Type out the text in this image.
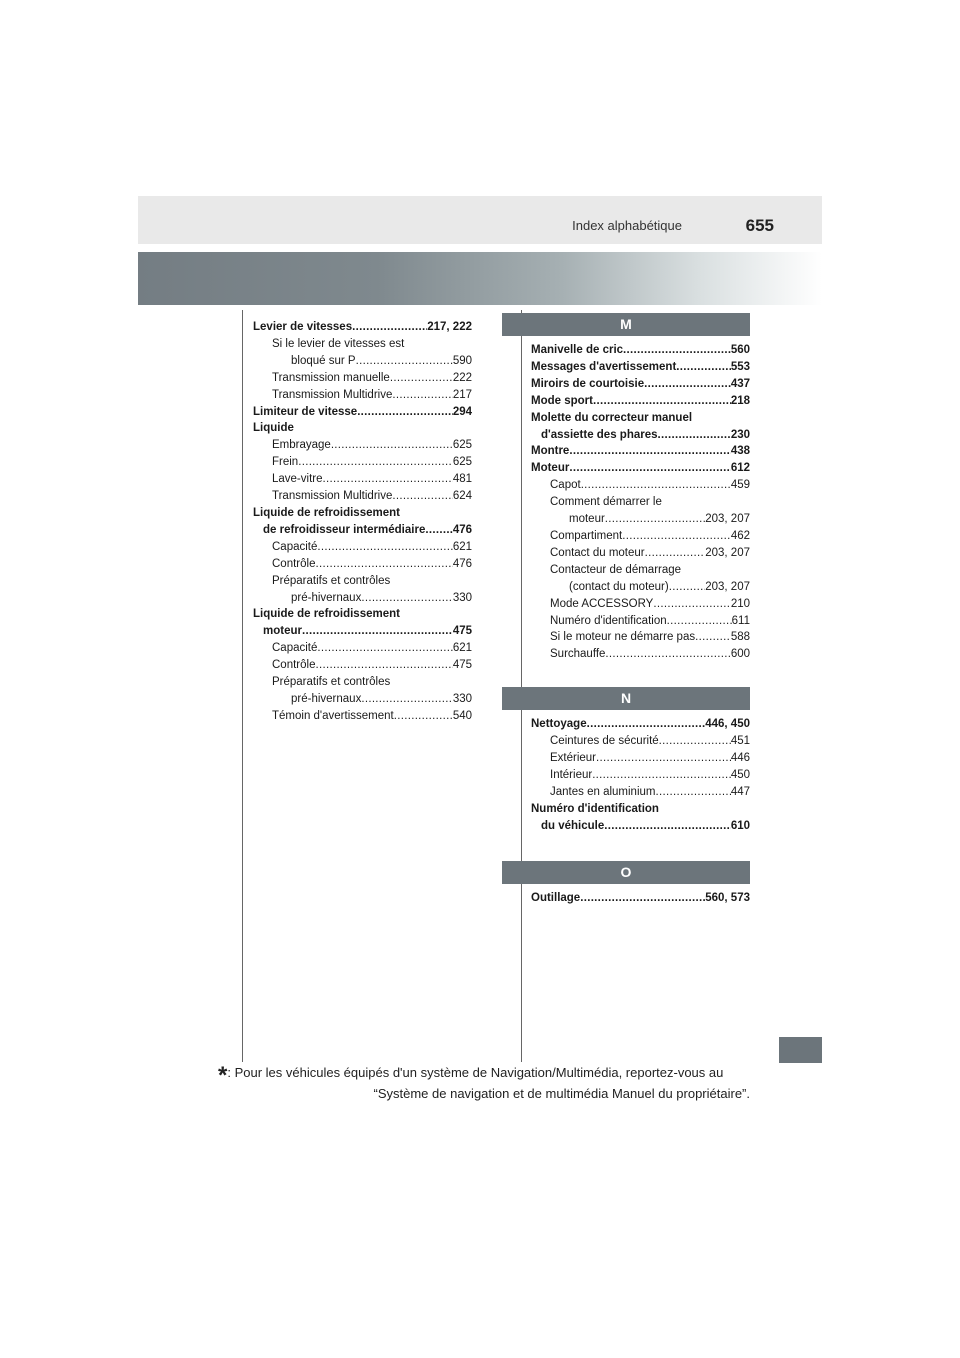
Index alphabétique	655
Levier de vitesses .....	217, 222
Si le levier de vitesses est
bloqué sur P .....	590
Transmission manuelle .....	222
Transmission Multidrive .....	217
Limiteur de vitesse .....	294
Liquide
Embrayage .....	625
Frein .....	625
Lave-vitre .....	481
Transmission Multidrive .....	624
Liquide de refroidissement
de refroidisseur intermédiaire ..... 476
Capacité .....	621
Contrôle .....	476
Préparatifs et contrôles
pré-hivernaux .....	330
Liquide de refroidissement
moteur .....	475
Capacité .....	621
Contrôle .....	475
Préparatifs et contrôles
pré-hivernaux .....	330
Témoin d'avertissement .....	540
M
Manivelle de cric .....	560
Messages d'avertissement .....	553
Miroirs de courtoisie .....	437
Mode sport .....	218
Molette du correcteur manuel
d'assiette des phares .....	230
Montre .....	438
Moteur .....	612
Capot .....	459
Comment démarrer le
moteur .....	203, 207
Compartiment .....	462
Contact du moteur .....	203, 207
Contacteur de démarrage
(contact du moteur) .....	203, 207
Mode ACCESSORY .....	210
Numéro d'identification .....	611
Si le moteur ne démarre pas .....	588
Surchauffe .....	600
N
Nettoyage .....	446, 450
Ceintures de sécurité .....	451
Extérieur .....	446
Intérieur .....	450
Jantes en aluminium .....	447
Numéro d'identification
du véhicule .....	610
O
Outillage .....	560, 573
*: Pour les véhicules équipés d'un système de Navigation/Multimédia, reportez-vous au
“Système de navigation et de multimédia Manuel du propriétaire”.
